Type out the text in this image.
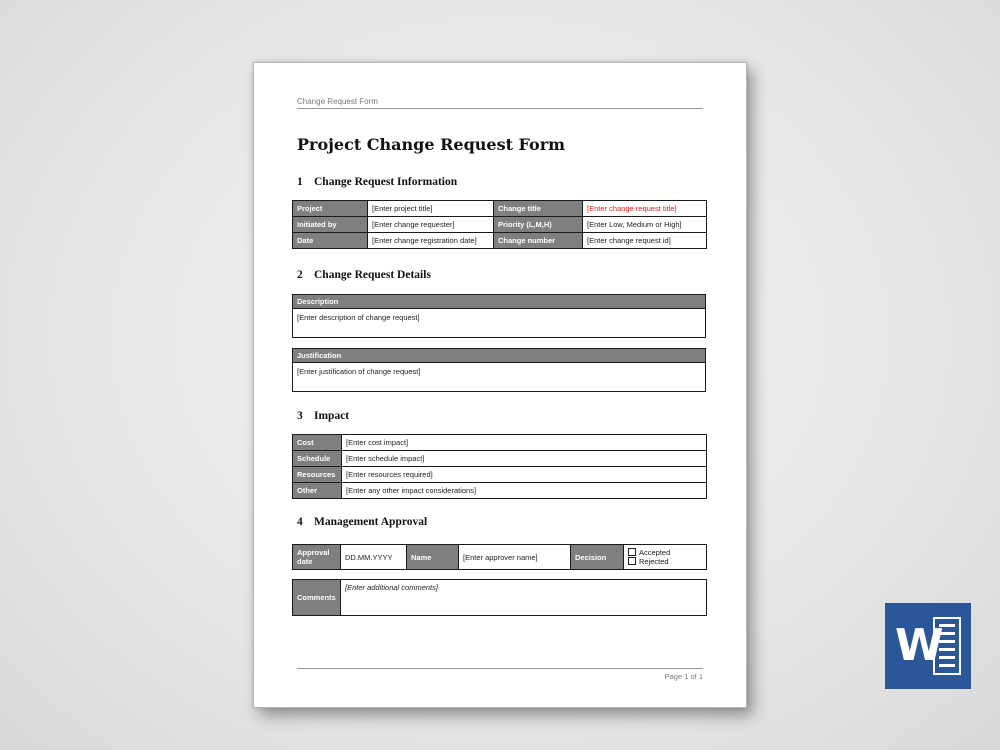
Change Request Form
Project Change Request Form
1 Change Request Information
Project	[Enter project title]	Change title	[Enter change request title]
Initiated by	[Enter change requester]	Priority (L,M,H)	[Enter Low, Medium or High]
Date	[Enter change registration date]	Change number	[Enter change request id]
2 Change Request Details
Description
[Enter description of change request]
Justification
[Enter justification of change request]
3 Impact
Cost	[Enter cost impact]
Schedule	[Enter schedule impact]
Resources	[Enter resources required]
Other	[Enter any other impact considerations]
4 Management Approval
Approval
date	DD.MM.YYYY	Name	[Enter approver name]	Decision	Accepted
Rejected
Comments	[Enter additional comments]
Page 1 of 1
W
